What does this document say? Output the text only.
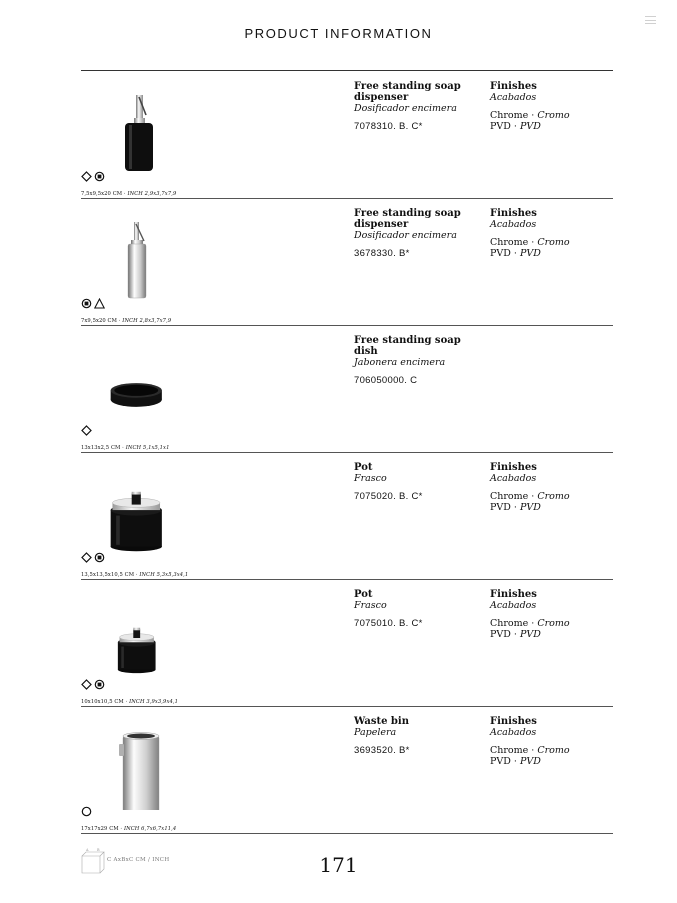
PRODUCT INFORMATION
7,5x9,5x20 CM · INCH 2,9x3,7x7,9
Free standing soap dispenser
Dosificador encimera
7078310. B. C*
Finishes
Acabados
Chrome · Cromo
PVD · PVD
7x9,5x20 CM · INCH 2,8x3,7x7,9
Free standing soap dispenser
Dosificador encimera
3678330. B*
Finishes
Acabados
Chrome · Cromo
PVD · PVD
13x13x2,5 CM · INCH 5,1x5,1x1
Free standing soap dish
Jabonera encimera
706050000. C
13,5x13,5x10,5 CM · INCH 5,3x5,3x4,1
Pot
Frasco
7075020. B. C*
Finishes
Acabados
Chrome · Cromo
PVD · PVD
10x10x10,5 CM · INCH 3,9x3,9x4,1
Pot
Frasco
7075010. B. C*
Finishes
Acabados
Chrome · Cromo
PVD · PVD
17x17x29 CM · INCH 6,7x6,7x11,4
Waste bin
Papelera
3693520. B*
Finishes
Acabados
Chrome · Cromo
PVD · PVD
A B
C AxBxC CM / INCH	171
